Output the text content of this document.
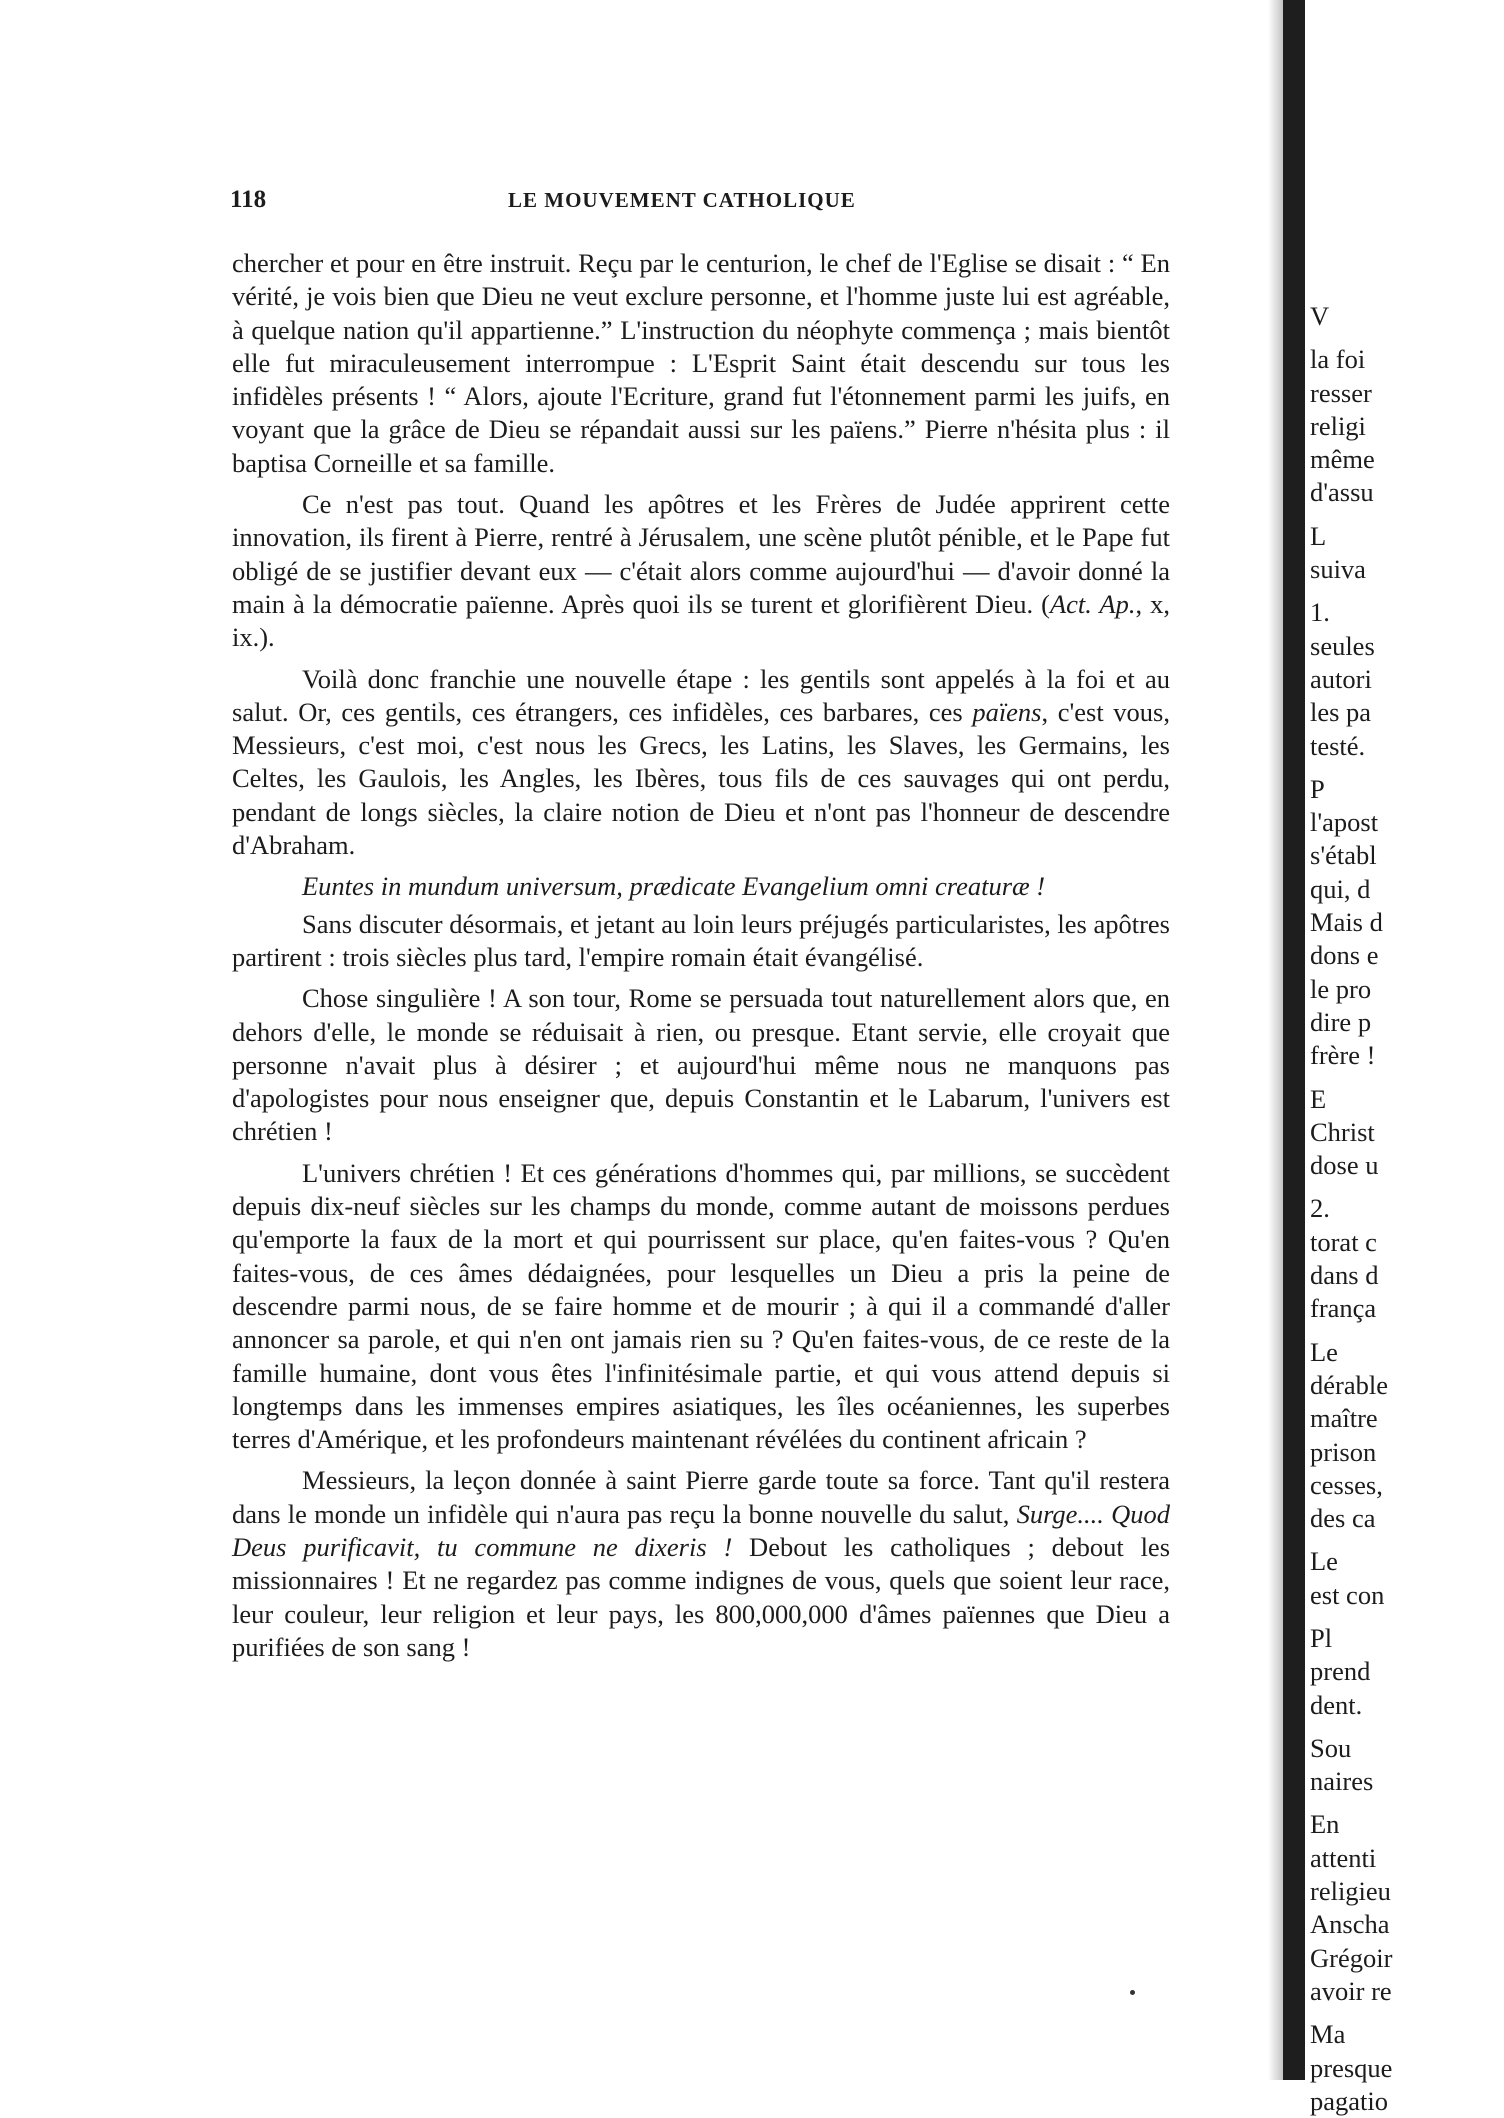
118	LE MOUVEMENT CATHOLIQUE

chercher et pour en être instruit. Reçu par le centurion, le chef de l'Eglise se disait : “ En vérité, je vois bien que Dieu ne veut exclure personne, et l'homme juste lui est agréable, à quelque nation qu'il appartienne.” L'instruction du néophyte commença ; mais bientôt elle fut miraculeusement interrompue : L'Esprit Saint était descendu sur tous les infidèles présents ! “ Alors, ajoute l'Ecriture, grand fut l'étonnement parmi les juifs, en voyant que la grâce de Dieu se répandait aussi sur les païens.” Pierre n'hésita plus : il baptisa Corneille et sa famille.

Ce n'est pas tout. Quand les apôtres et les Frères de Judée apprirent cette innovation, ils firent à Pierre, rentré à Jérusalem, une scène plutôt pénible, et le Pape fut obligé de se justifier devant eux — c'était alors comme aujourd'hui — d'avoir donné la main à la démocratie païenne. Après quoi ils se turent et glorifièrent Dieu. (Act. Ap., x, ix.).

Voilà donc franchie une nouvelle étape : les gentils sont appelés à la foi et au salut. Or, ces gentils, ces étrangers, ces infidèles, ces barbares, ces païens, c'est vous, Messieurs, c'est moi, c'est nous les Grecs, les Latins, les Slaves, les Germains, les Celtes, les Gaulois, les Angles, les Ibères, tous fils de ces sauvages qui ont perdu, pendant de longs siècles, la claire notion de Dieu et n'ont pas l'honneur de descendre d'Abraham.

Euntes in mundum universum, prædicate Evangelium omni creaturæ !

Sans discuter désormais, et jetant au loin leurs préjugés particularistes, les apôtres partirent : trois siècles plus tard, l'empire romain était évangélisé.

Chose singulière ! A son tour, Rome se persuada tout naturellement alors que, en dehors d'elle, le monde se réduisait à rien, ou presque. Etant servie, elle croyait que personne n'avait plus à désirer ; et aujourd'hui même nous ne manquons pas d'apologistes pour nous enseigner que, depuis Constantin et le Labarum, l'univers est chrétien !

L'univers chrétien ! Et ces générations d'hommes qui, par millions, se succèdent depuis dix-neuf siècles sur les champs du monde, comme autant de moissons perdues qu'emporte la faux de la mort et qui pourrissent sur place, qu'en faites-vous ? Qu'en faites-vous, de ces âmes dédaignées, pour lesquelles un Dieu a pris la peine de descendre parmi nous, de se faire homme et de mourir ; à qui il a commandé d'aller annoncer sa parole, et qui n'en ont jamais rien su ? Qu'en faites-vous, de ce reste de la famille humaine, dont vous êtes l'infinitésimale partie, et qui vous attend depuis si longtemps dans les immenses empires asiatiques, les îles océaniennes, les superbes terres d'Amérique, et les profondeurs maintenant révélées du continent africain ?

Messieurs, la leçon donnée à saint Pierre garde toute sa force. Tant qu'il restera dans le monde un infidèle qui n'aura pas reçu la bonne nouvelle du salut, Surge.... Quod Deus purificavit, tu commune ne dixeris ! Debout les catholiques ; debout les missionnaires ! Et ne regardez pas comme indignes de vous, quels que soient leur race, leur couleur, leur religion et leur pays, les 800,000,000 d'âmes païennes que Dieu a purifiées de son sang !

V
la foi
resser
religi
même
d'assu
L
suiva
1.
seules
autori
les pa
testé.
P
l'apost
s'établ
qui, d
Mais d
dons e
le pro
dire p
frère !
E
Christ
dose u
2.
torat c
dans d
frança
Le
dérable
maître
prison
cesses,
des ca
Le
est con
Pl
prend
dent.
Sou
naires
En
attenti
religieu
Anscha
Grégoir
avoir re
Ma
presque
pagatio
